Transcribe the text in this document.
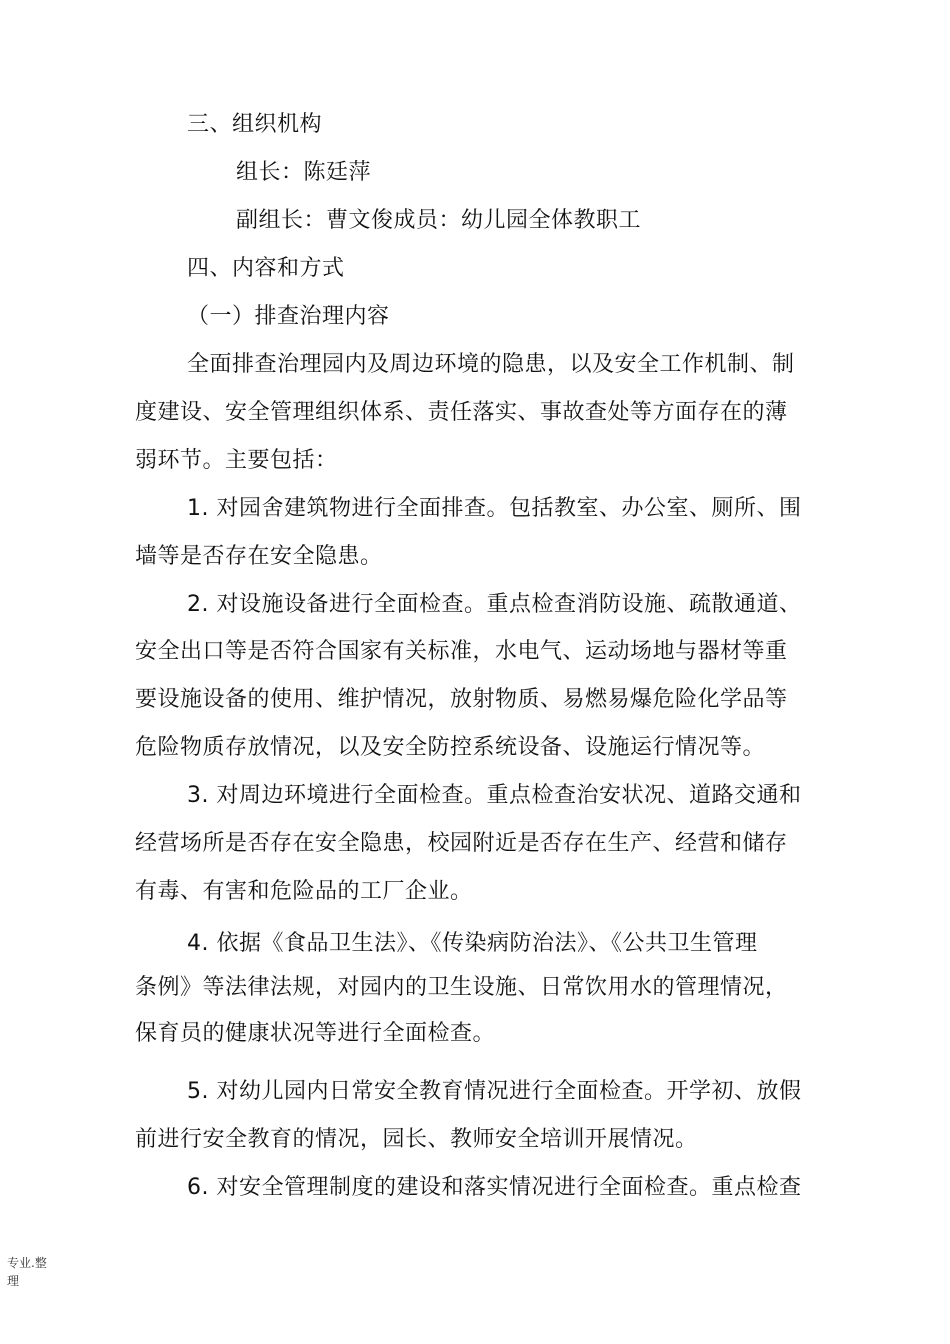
三、组织机构

组长：陈廷萍

副组长：曹文俊成员：幼儿园全体教职工

四、内容和方式

（一）排查治理内容

全面排查治理园内及周边环境的隐患，以及安全工作机制、制

度建设、安全管理组织体系、责任落实、事故查处等方面存在的薄

弱环节。主要包括：

1. 对园舍建筑物进行全面排查。包括教室、办公室、厕所、围

墙等是否存在安全隐患。

2. 对设施设备进行全面检查。重点检查消防设施、疏散通道、

安全出口等是否符合国家有关标准，水电气、运动场地与器材等重

要设施设备的使用、维护情况，放射物质、易燃易爆危险化学品等

危险物质存放情况，以及安全防控系统设备、设施运行情况等。

3. 对周边环境进行全面检查。重点检查治安状况、道路交通和

经营场所是否存在安全隐患，校园附近是否存在生产、经营和储存

有毒、有害和危险品的工厂企业。

4. 依据《食品卫生法》、《传染病防治法》、《公共卫生管理

条例》等法律法规，对园内的卫生设施、日常饮用水的管理情况，

保育员的健康状况等进行全面检查。

5. 对幼儿园内日常安全教育情况进行全面检查。开学初、放假

前进行安全教育的情况，园长、教师安全培训开展情况。

6. 对安全管理制度的建设和落实情况进行全面检查。重点检查

专业.整理
